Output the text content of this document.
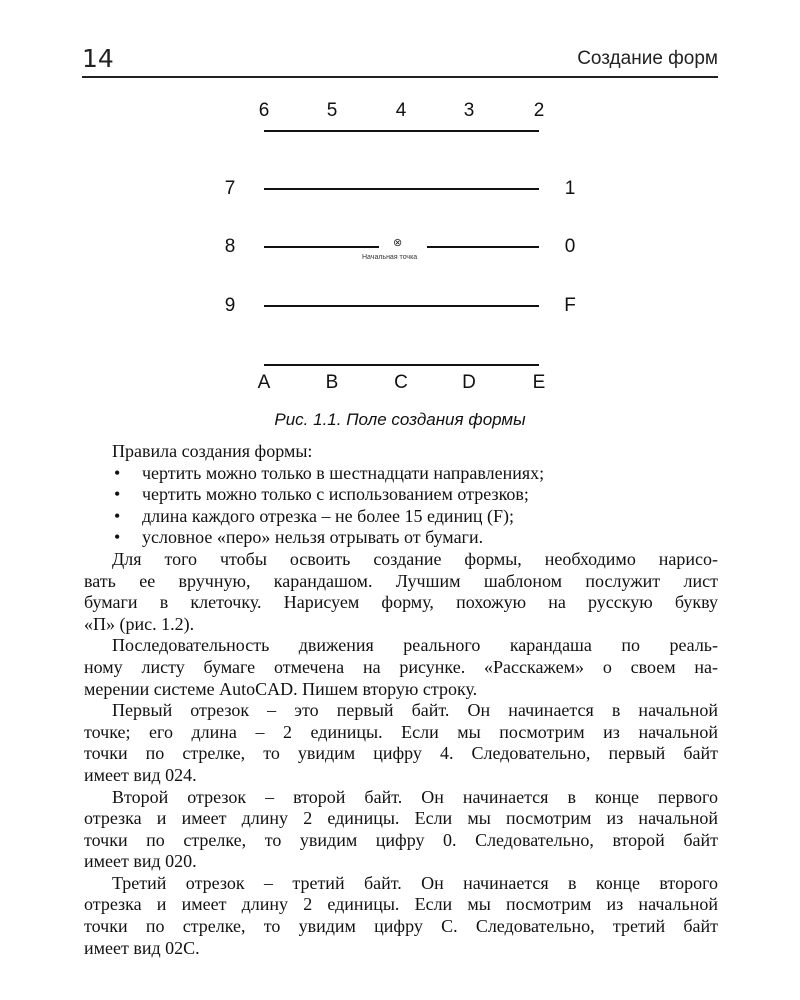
14	Создание форм
6	5	4	3	2
7
8
9
1
0
F
⊗
Начальная точка
A	B	C	D	E
Рис. 1.1. Поле создания формы

Правила создания формы:

• чертить можно только в шестнадцати направлениях;
• чертить можно только с использованием отрезков;
• длина каждого отрезка – не более 15 единиц (F);
• условное «перо» нельзя отрывать от бумаги.
Для того чтобы освоить создание формы, необходимо нарисо-
вать ее вручную, карандашом. Лучшим шаблоном послужит лист
бумаги в клеточку. Нарисуем форму, похожую на русскую букву
«П» (рис. 1.2).
Последовательность движения реального карандаша по реаль-
ному листу бумаге отмечена на рисунке. «Расскажем» о своем на-
мерении системе AutoCAD. Пишем вторую строку.
Первый отрезок – это первый байт. Он начинается в начальной
точке; его длина – 2 единицы. Если мы посмотрим из начальной
точки по стрелке, то увидим цифру 4. Следовательно, первый байт
имеет вид 024.
Второй отрезок – второй байт. Он начинается в конце первого
отрезка и имеет длину 2 единицы. Если мы посмотрим из начальной
точки по стрелке, то увидим цифру 0. Следовательно, второй байт
имеет вид 020.
Третий отрезок – третий байт. Он начинается в конце второго
отрезка и имеет длину 2 единицы. Если мы посмотрим из начальной
точки по стрелке, то увидим цифру С. Следовательно, третий байт
имеет вид 02С.
